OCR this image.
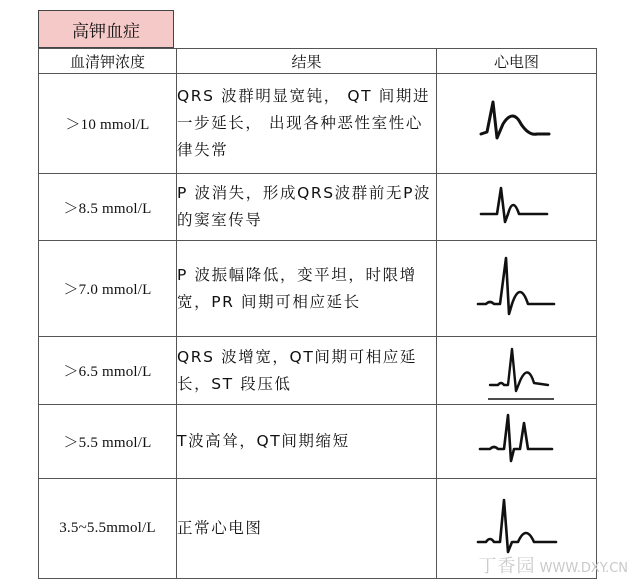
高钾血症
血清钾浓度	结果	心电图
＞10 mmol/L	QRS 波群明显宽钝， QT 间期进一步延长， 出现各种恶性室性心律失常	

＞8.5 mmol/L	P 波消失，形成QRS波群前无P波的窦室传导	

＞7.0 mmol/L	P 波振幅降低，变平坦，时限增宽，PR 间期可相应延长	

＞6.5 mmol/L	QRS 波增宽，QT间期可相应延长，ST 段压低	

＞5.5 mmol/L	T波高耸，QT间期缩短	

3.5~5.5mmol/L	正常心电图	
丁香园 WWW.DXY.CN
